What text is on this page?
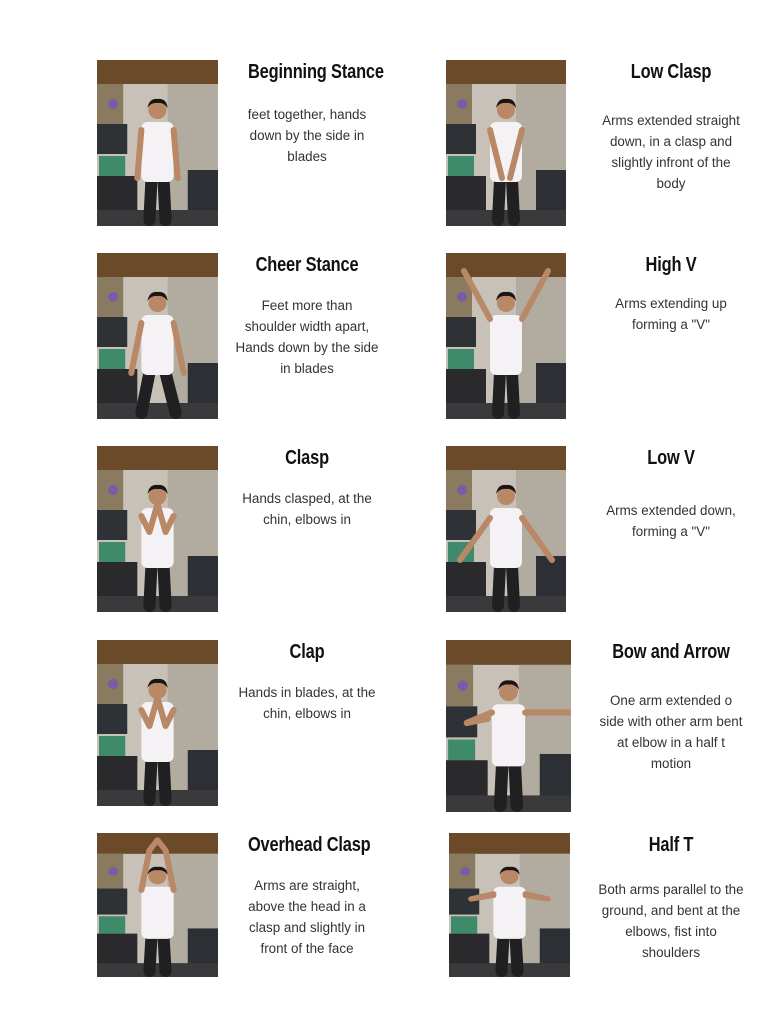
Beginning Stance
feet together, hands down by the side in blades
Cheer Stance
Feet more than shoulder width apart, Hands down by the side in blades
Clasp
Hands clasped, at the chin, elbows in
Clap
Hands in blades, at the chin, elbows in
Overhead Clasp
Arms are straight, above the head in a clasp and slightly in front of the face
Low Clasp
Arms extended straight down, in a clasp and slightly infront of the body
High V
Arms extending up forming a "V"
Low V
Arms extended down, forming a "V"
Bow and Arrow
One arm extended o side with other arm bent at elbow in a half t motion
Half T
Both arms parallel to the ground, and bent at the elbows, fist into shoulders
